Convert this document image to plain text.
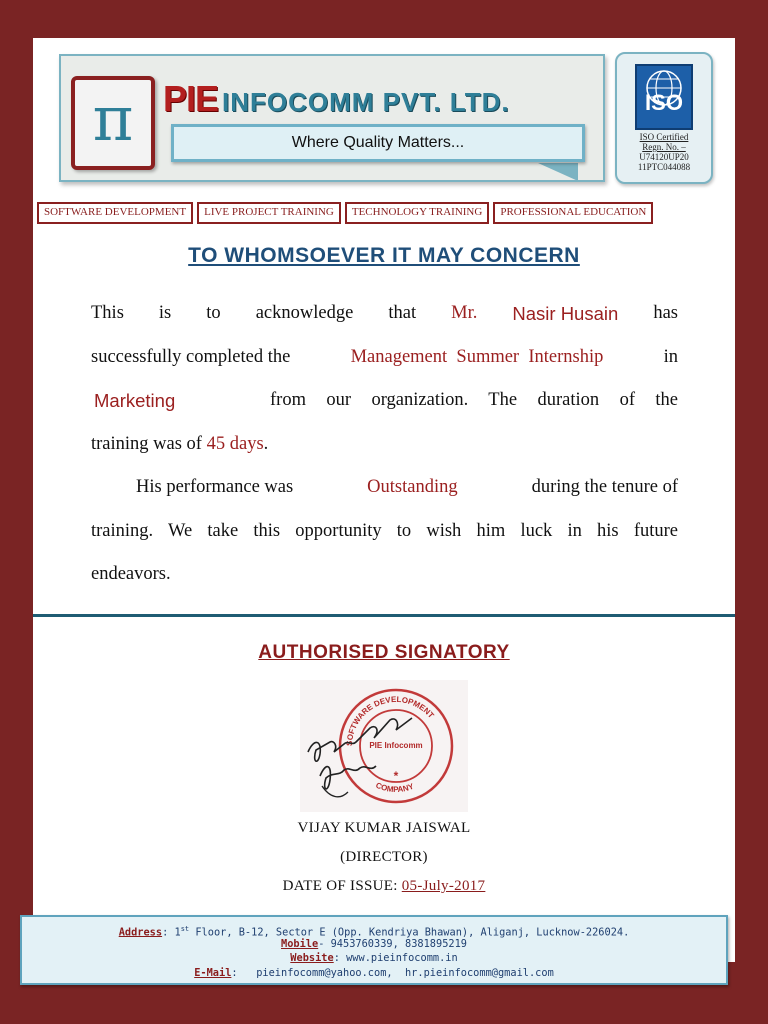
π PIE INFOCOMM PVT. LTD.
Where Quality Matters...
ISO
ISO Certified
Regn. No. –
U74120UP20
11PTC044088
SOFTWARE DEVELOPMENT	LIVE PROJECT TRAINING	TECHNOLOGY TRAINING	PROFESSIONAL EDUCATION
TO WHOMSOEVER IT MAY CONCERN
This is to acknowledge that Mr. Nasir Husain has
successfully completed the	Management  Summer  Internship	in
Marketing	from our organization. The duration of the
training was of
45 days .
His performance was	Outstanding	during the tenure of
training. We take this opportunity to wish him luck in his future
endeavors.
AUTHORISED SIGNATORY
SOFTWARE DEVELOPMENT
COMPANY
PIE Infocomm
*
VIJAY KUMAR JAISWAL
(DIRECTOR)
DATE OF ISSUE: 05-July-2017
Address: 1st Floor, B-12, Sector E (Opp. Kendriya Bhawan), Aliganj, Lucknow-226024.
Mobile- 9453760339, 8381895219
Website: www.pieinfocomm.in
E-Mail:   pieinfocomm@yahoo.com,  hr.pieinfocomm@gmail.com
